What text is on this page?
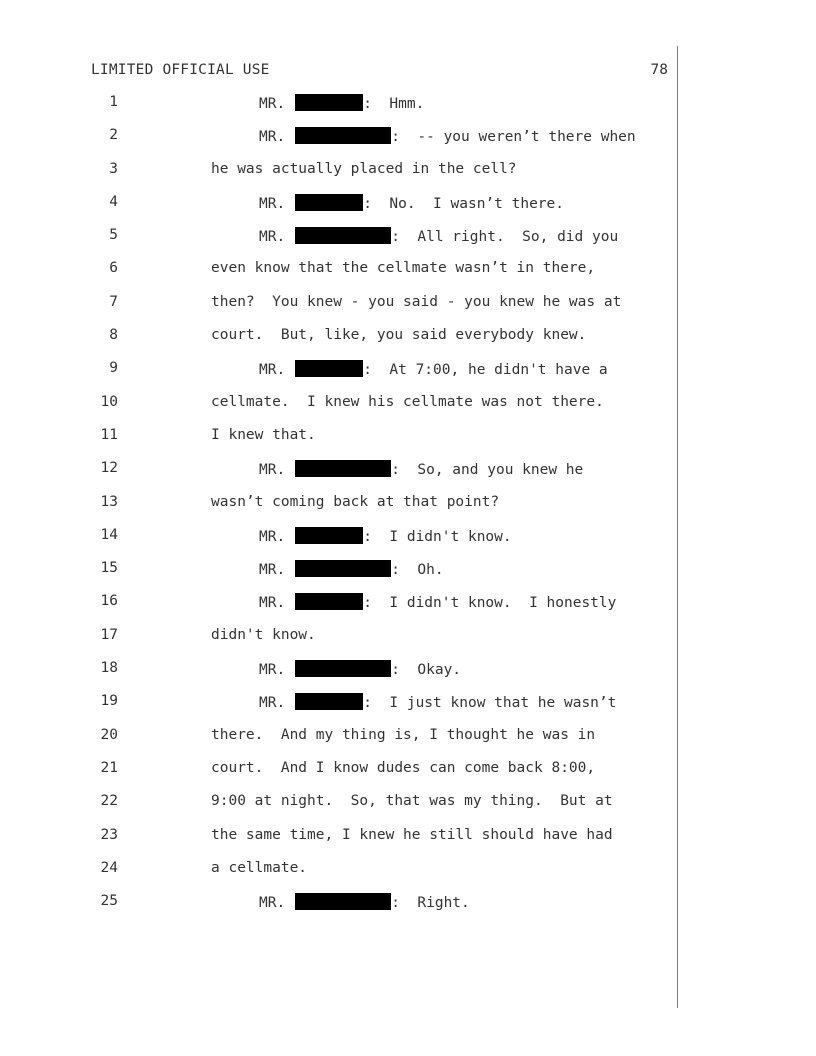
LIMITED OFFICIAL USE	78
1	MR.	:  Hmm.
2	MR.	:  -- you weren’t there when
3	he was actually placed in the cell?
4	MR.	:  No.  I wasn’t there.
5	MR.	:  All right.  So, did you
6	even know that the cellmate wasn’t in there,
7	then?  You knew - you said - you knew he was at
8	court.  But, like, you said everybody knew.
9	MR.	:  At 7:00, he didn't have a
10	cellmate.  I knew his cellmate was not there.
11	I knew that.
12	MR.	:  So, and you knew he
13	wasn’t coming back at that point?
14	MR.	:  I didn't know.
15	MR.	:  Oh.
16	MR.	:  I didn't know.  I honestly
17	didn't know.
18	MR.	:  Okay.
19	MR.	:  I just know that he wasn’t
20	there.  And my thing is, I thought he was in
21	court.  And I know dudes can come back 8:00,
22	9:00 at night.  So, that was my thing.  But at
23	the same time, I knew he still should have had
24	a cellmate.
25	MR.	:  Right.
